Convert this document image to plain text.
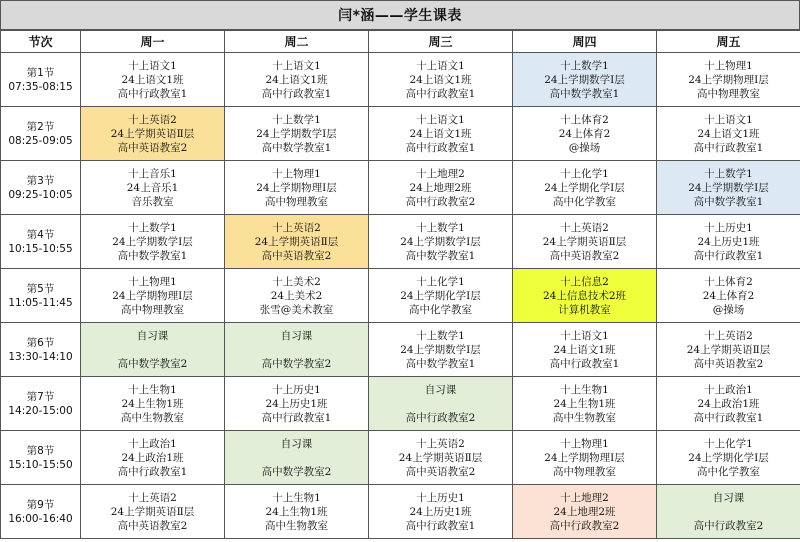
闫*涵——学生课表
节次	周一	周二	周三	周四	周五

第1节
07:35-08:15	十上语文1
24上语文1班
高中行政教室1	十上语文1
24上语文1班
高中行政教室1	十上语文1
24上语文1班
高中行政教室1	十上数学1
24上学期数学Ⅰ层
高中数学教室1	十上物理1
24上学期物理Ⅰ层
高中物理教室

第2节
08:25-09:05	十上英语2
24上学期英语Ⅱ层
高中英语教室2	十上数学1
24上学期数学Ⅰ层
高中数学教室1	十上语文1
24上语文1班
高中行政教室1	十上体育2
24上体育2
@操场	十上语文1
24上语文1班
高中行政教室1

第3节
09:25-10:05	十上音乐1
24上音乐1
音乐教室	十上物理1
24上学期物理Ⅰ层
高中物理教室	十上地理2
24上地理2班
高中行政教室2	十上化学1
24上学期化学Ⅰ层
高中化学教室	十上数学1
24上学期数学Ⅰ层
高中数学教室1

第4节
10:15-10:55	十上数学1
24上学期数学Ⅰ层
高中数学教室1	十上英语2
24上学期英语Ⅱ层
高中英语教室2	十上数学1
24上学期数学Ⅰ层
高中数学教室1	十上英语2
24上学期英语Ⅱ层
高中英语教室2	十上历史1
24上历史1班
高中行政教室1

第5节
11:05-11:45	十上物理1
24上学期物理Ⅰ层
高中物理教室	十上美术2
24上美术2
张雪@美术教室	十上化学1
24上学期化学Ⅰ层
高中化学教室	十上信息2
24上信息技术2班
计算机教室	十上体育2
24上体育2
@操场

第6节
13:30-14:10	自习课
高中数学教室2	自习课
高中数学教室2	十上数学1
24上学期数学Ⅰ层
高中数学教室1	十上语文1
24上语文1班
高中行政教室1	十上英语2
24上学期英语Ⅱ层
高中英语教室2

第7节
14:20-15:00	十上生物1
24上生物1班
高中生物教室	十上历史1
24上历史1班
高中行政教室1	自习课
高中行政教室2	十上生物1
24上生物1班
高中生物教室	十上政治1
24上政治1班
高中行政教室1

第8节
15:10-15:50	十上政治1
24上政治1班
高中行政教室1	自习课
高中数学教室2	十上英语2
24上学期英语Ⅱ层
高中英语教室2	十上物理1
24上学期物理Ⅰ层
高中物理教室	十上化学1
24上学期化学Ⅰ层
高中化学教室

第9节
16:00-16:40	十上英语2
24上学期英语Ⅱ层
高中英语教室2	十上生物1
24上生物1班
高中生物教室	十上历史1
24上历史1班
高中行政教室1	十上地理2
24上地理2班
高中行政教室2	自习课
高中行政教室2
